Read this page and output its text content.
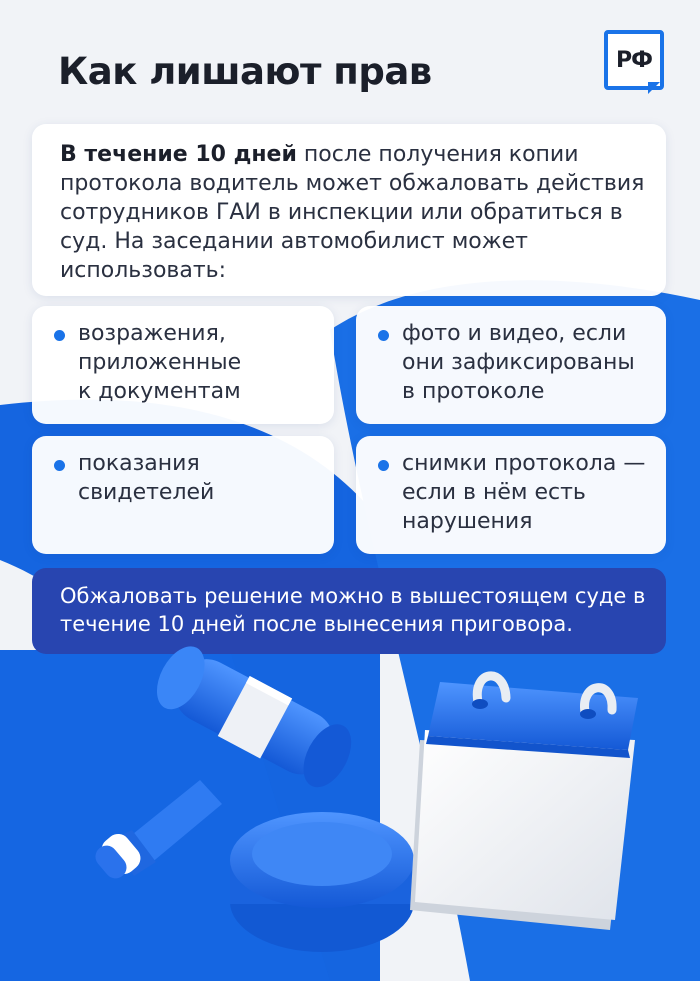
Как лишают прав	РФ

В течение 10 дней после получения копии протокола водитель может обжаловать действия сотрудников ГАИ в инспекции или обратиться в суд. На заседании автомобилист может использовать:

возражения, приложенные к документам

фото и видео, если они зафиксированы в протоколе

показания свидетелей

снимки протокола — если в нём есть нарушения

Обжаловать решение можно в вышестоящем суде в течение 10 дней после вынесения приговора.
